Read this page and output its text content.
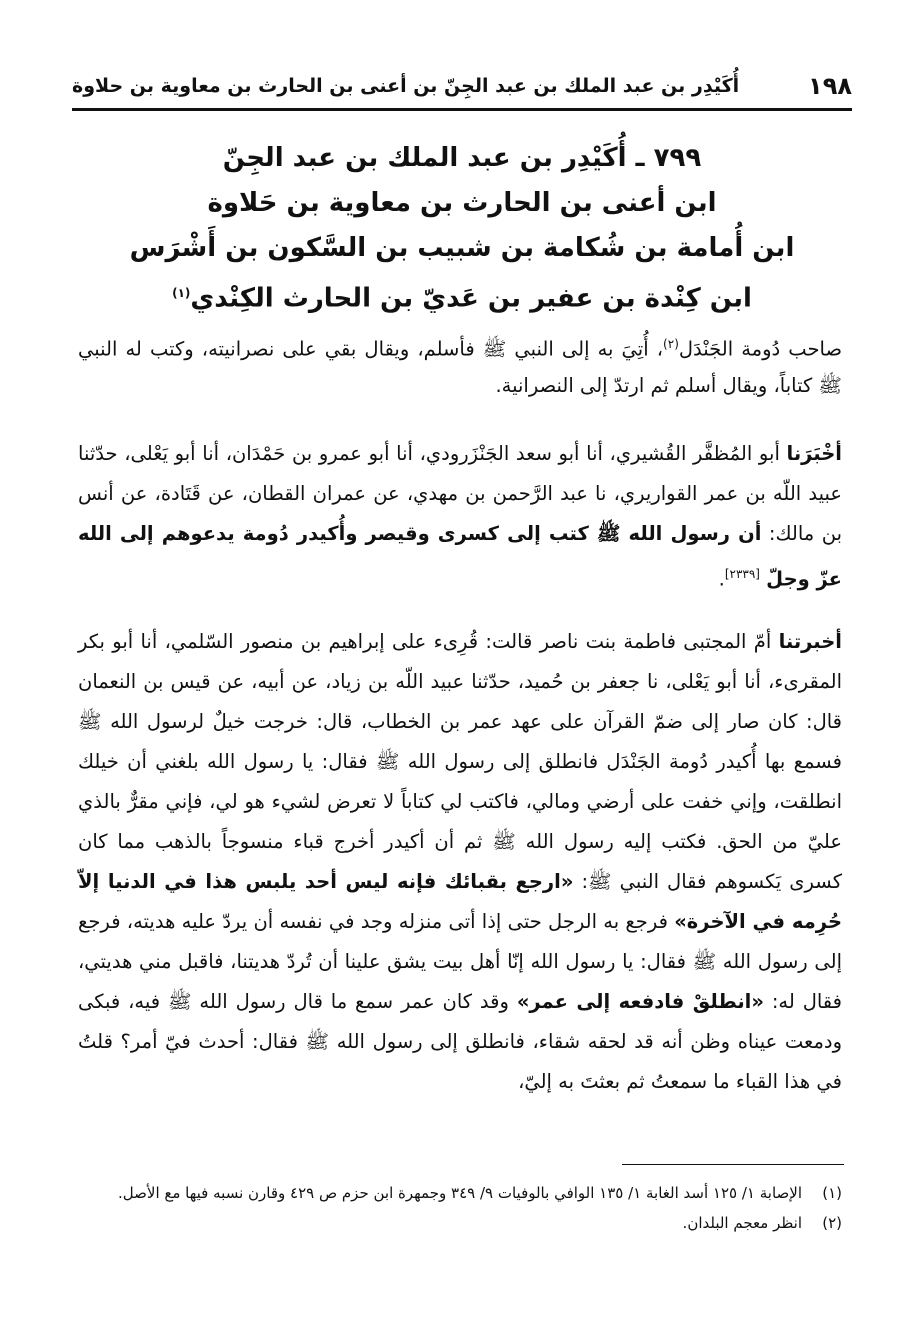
١٩٨
أُكَيْدِر بن عبد الملك بن عبد الجِنّ بن أعنى بن الحارث بن معاوية بن حلاوة
٧٩٩ ـ أُكَيْدِر بن عبد الملك بن عبد الجِنّ
ابن أعنى بن الحارث بن معاوية بن حَلاوة
ابن أُمامة بن شُكامة بن شبيب بن السَّكون بن أَشْرَس
ابن كِنْدة بن عفير بن عَديّ بن الحارث الكِنْدي$^{(١)}$
صاحب دُومة الجَنْدَل$^{(٢)}$، أُتِيَ به إلى النبي ﷺ فأسلم، ويقال بقي على نصرانيته، وكتب له النبي ﷺ كتاباً، ويقال أسلم ثم ارتدّ إلى النصرانية.
أخْبَرَنا أبو المُظفَّر القُشيري، أنا أبو سعد الجَنْزَرودي، أنا أبو عمرو بن حَمْدَان، أنا أبو يَعْلى، حدّثنا عبيد اللّه بن عمر القواريري، نا عبد الرَّحمن بن مهدي، عن عمران القطان، عن قَتَادة، عن أنس بن مالك: أن رسول الله ﷺ كتب إلى كسرى وقيصر وأُكيدر دُومة يدعوهم إلى الله عزّ وجلّ [٢٣٣٩].
أخبرتنا أمّ المجتبى فاطمة بنت ناصر قالت: قُرِىء على إبراهيم بن منصور السّلمي، أنا أبو بكر المقرىء، أنا أبو يَعْلى، نا جعفر بن حُميد، حدّثنا عبيد اللّه بن زياد، عن أبيه، عن قيس بن النعمان قال: كان صار إلى ضمّ القرآن على عهد عمر بن الخطاب، قال: خرجت خيلٌ لرسول الله ﷺ فسمع بها أُكيدر دُومة الجَنْدَل فانطلق إلى رسول الله ﷺ فقال: يا رسول الله بلغني أن خيلك انطلقت، وإني خفت على أرضي ومالي، فاكتب لي كتاباً لا تعرض لشيء هو لي، فإني مقرٌّ بالذي عليّ من الحق. فكتب إليه رسول الله ﷺ ثم أن أكيدر أخرج قباء منسوجاً بالذهب مما كان كسرى يَكسوهم فقال النبي ﷺ: «ارجع بقبائك فإنه ليس أحد يلبس هذا في الدنيا إلاّ حُرِمه في الآخرة» فرجع به الرجل حتى إذا أتى منزله وجد في نفسه أن يردّ عليه هديته، فرجع إلى رسول الله ﷺ فقال: يا رسول الله إنّا أهل بيت يشق علينا أن تُردّ هديتنا، فاقبل مني هديتي، فقال له: «انطلقْ فادفعه إلى عمر» وقد كان عمر سمع ما قال رسول الله ﷺ فيه، فبكى ودمعت عيناه وظن أنه قد لحقه شقاء، فانطلق إلى رسول الله ﷺ فقال: أحدث فيّ أمر؟ قلتُ في هذا القباء ما سمعتُ ثم بعثتَ به إليّ،
(١)الإصابة ١/ ١٢٥ أسد الغابة ١/ ١٣٥ الوافي بالوفيات ٩/ ٣٤٩ وجمهرة ابن حزم ص ٤٢٩ وقارن نسبه فيها مع الأصل.
(٢)انظر معجم البلدان.
